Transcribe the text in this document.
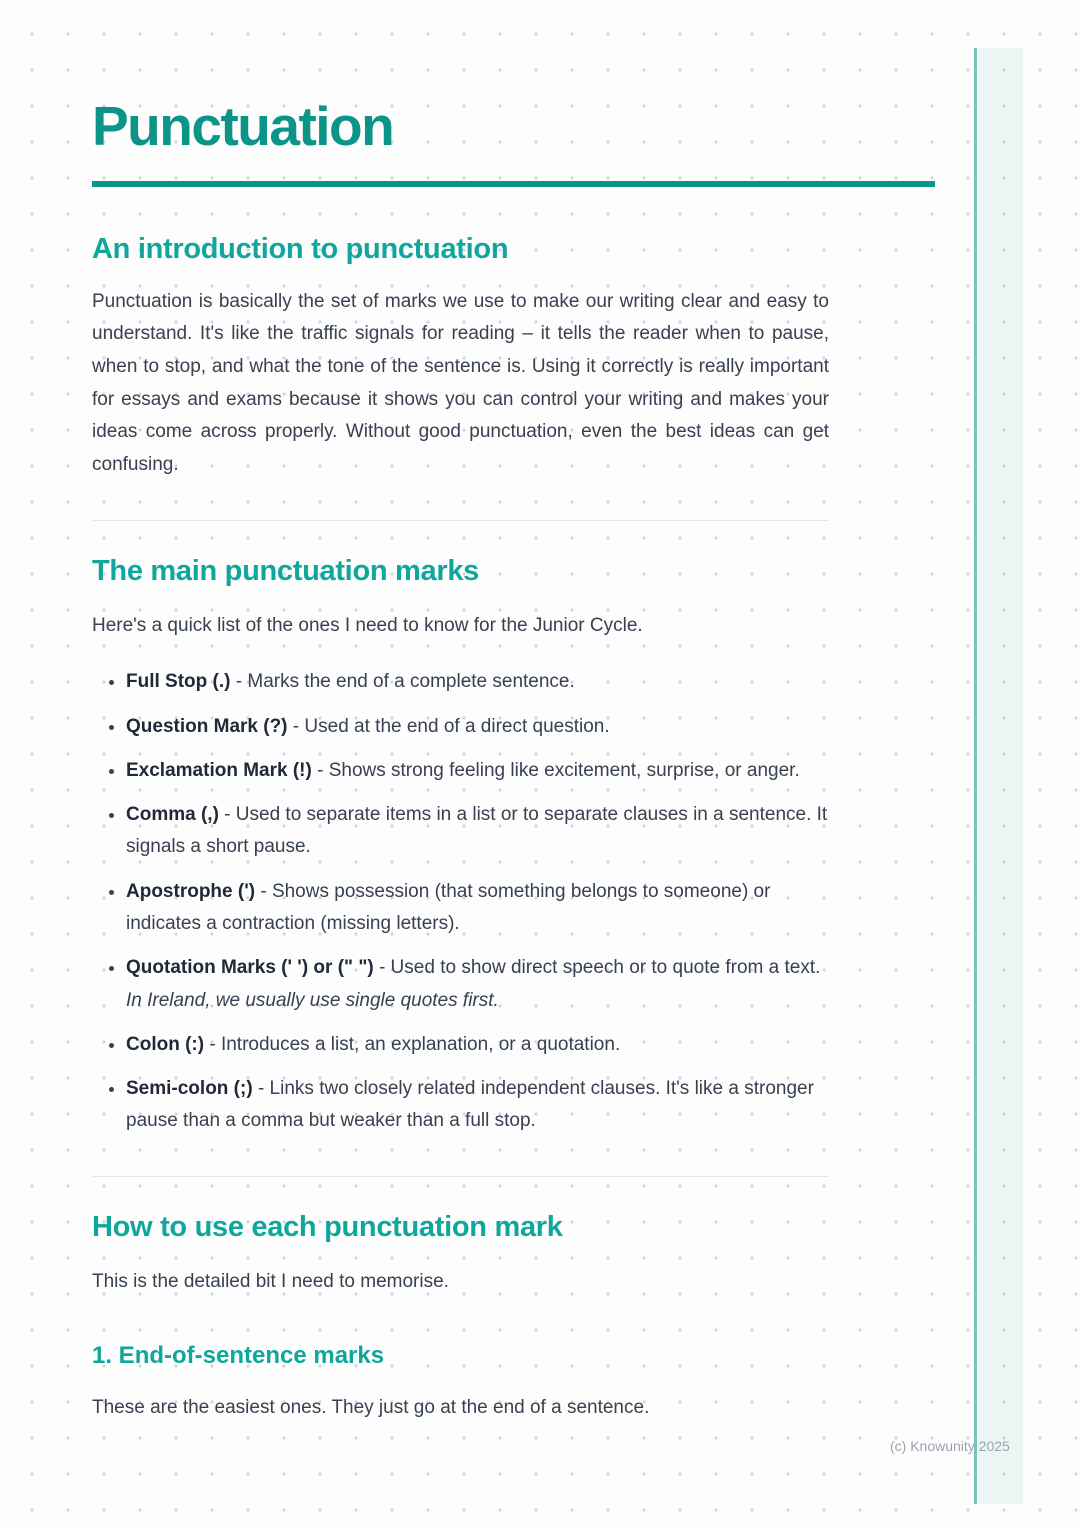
Punctuation
An introduction to punctuation

Punctuation is basically the set of marks we use to make our writing clear and easy to understand. It's like the traffic signals for reading – it tells the reader when to pause, when to stop, and what the tone of the sentence is. Using it correctly is really important for essays and exams because it shows you can control your writing and makes your ideas come across properly. Without good punctuation, even the best ideas can get confusing.

The main punctuation marks

Here's a quick list of the ones I need to know for the Junior Cycle.

• Full Stop (.) - Marks the end of a complete sentence.
• Question Mark (?) - Used at the end of a direct question.
• Exclamation Mark (!) - Shows strong feeling like excitement, surprise, or anger.
• Comma (,) - Used to separate items in a list or to separate clauses in a sentence. It signals a short pause.
• Apostrophe (') - Shows possession (that something belongs to someone) or indicates a contraction (missing letters).
• Quotation Marks (' ') or (" ") - Used to show direct speech or to quote from a text. In Ireland, we usually use single quotes first.
• Colon (:) - Introduces a list, an explanation, or a quotation.
• Semi-colon (;) - Links two closely related independent clauses. It's like a stronger pause than a comma but weaker than a full stop.
How to use each punctuation mark

This is the detailed bit I need to memorise.

1. End-of-sentence marks

These are the easiest ones. They just go at the end of a sentence.

(c) Knowunity 2025
